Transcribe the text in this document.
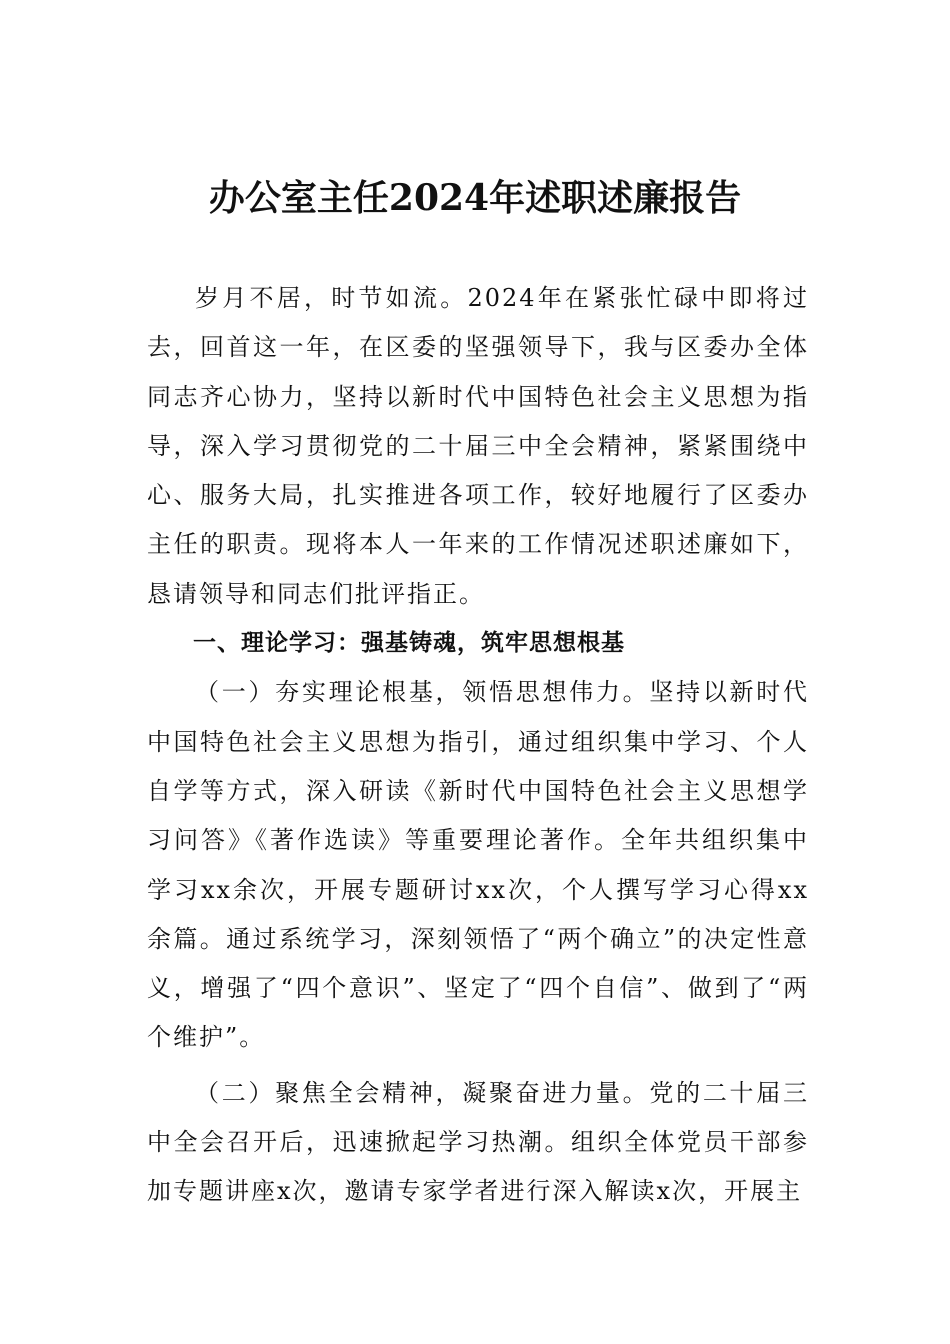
办公室主任2024年述职述廉报告

岁月不居，时节如流。2024年在紧张忙碌中即将过去，回首这一年，在区委的坚强领导下，我与区委办全体同志齐心协力，坚持以新时代中国特色社会主义思想为指导，深入学习贯彻党的二十届三中全会精神，紧紧围绕中心、服务大局，扎实推进各项工作，较好地履行了区委办主任的职责。现将本人一年来的工作情况述职述廉如下，恳请领导和同志们批评指正。

一、理论学习：强基铸魂，筑牢思想根基

（一）夯实理论根基，领悟思想伟力。坚持以新时代中国特色社会主义思想为指引，通过组织集中学习、个人自学等方式，深入研读《新时代中国特色社会主义思想学习问答》《著作选读》等重要理论著作。全年共组织集中学习xx余次，开展专题研讨xx次，个人撰写学习心得xx余篇。通过系统学习，深刻领悟了“两个确立”的决定性意义，增强了“四个意识”、坚定了“四个自信”、做到了“两个维护”。

（二）聚焦全会精神，凝聚奋进力量。党的二十届三中全会召开后，迅速掀起学习热潮。组织全体党员干部参加专题讲座x次，邀请专家学者进行深入解读x次，开展主
